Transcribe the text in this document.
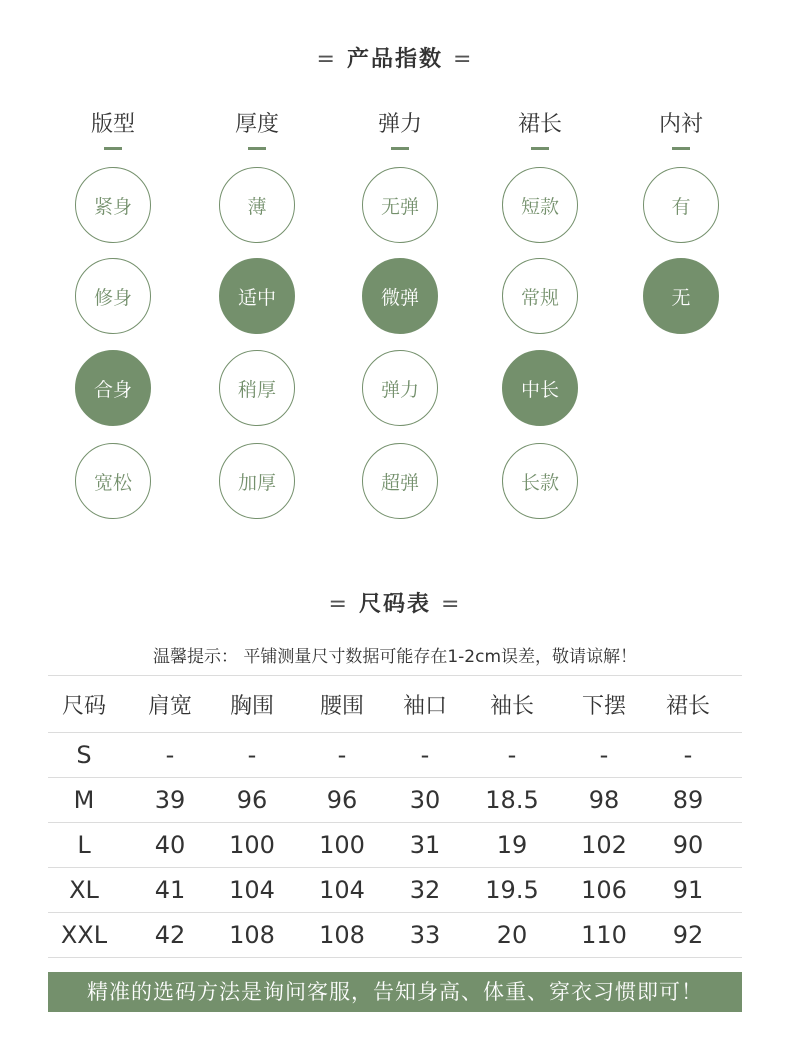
= 产品指数 =
版型
紧身
修身
合身
宽松
厚度
薄
适中
稍厚
加厚
弹力
无弹
微弹
弹力
超弹
裙长
短款
常规
中长
长款
内衬
有
无
= 尺码表 =
温馨提示： 平铺测量尺寸数据可能存在1-2cm误差，敬请谅解！
尺码	肩宽	胸围	腰围	袖口	袖长	下摆	裙长
S	-	-	-	-	-	-	-
M	39	96	96	30	18.5	98	89
L	40	100	100	31	19	102	90
XL	41	104	104	32	19.5	106	91
XXL	42	108	108	33	20	110	92
精准的选码方法是询问客服，告知身高、体重、穿衣习惯即可！
